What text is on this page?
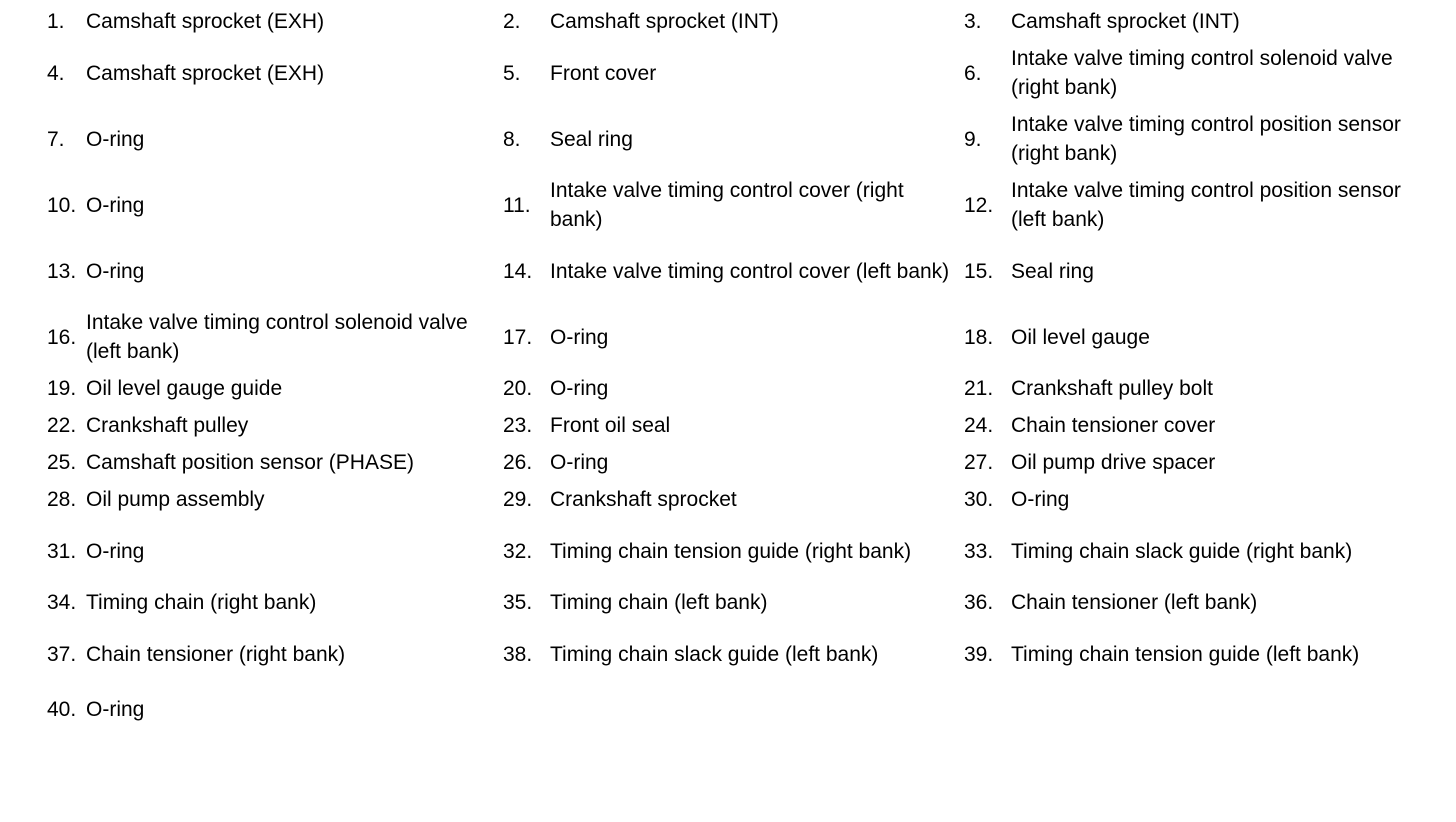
1.	Camshaft sprocket (EXH)	2.	Camshaft sprocket (INT)	3.	Camshaft sprocket (INT)
4.	Camshaft sprocket (EXH)	5.	Front cover	6.	Intake valve timing control solenoid valve (right bank)
7.	O-ring	8.	Seal ring	9.	Intake valve timing control position sensor (right bank)
10.	O-ring	11.	Intake valve timing control cover (right bank)	12.	Intake valve timing control position sensor (left bank)
13.	O-ring	14.	Intake valve timing control cover (left bank)	15.	Seal ring
16.	Intake valve timing control solenoid valve (left bank)	17.	O-ring	18.	Oil level gauge
19.	Oil level gauge guide	20.	O-ring	21.	Crankshaft pulley bolt
22.	Crankshaft pulley	23.	Front oil seal	24.	Chain tensioner cover
25.	Camshaft position sensor (PHASE)	26.	O-ring	27.	Oil pump drive spacer
28.	Oil pump assembly	29.	Crankshaft sprocket	30.	O-ring
31.	O-ring	32.	Timing chain tension guide (right bank)	33.	Timing chain slack guide (right bank)
34.	Timing chain (right bank)	35.	Timing chain (left bank)	36.	Chain tensioner (left bank)
37.	Chain tensioner (right bank)	38.	Timing chain slack guide (left bank)	39.	Timing chain tension guide (left bank)
40.	O-ring				
